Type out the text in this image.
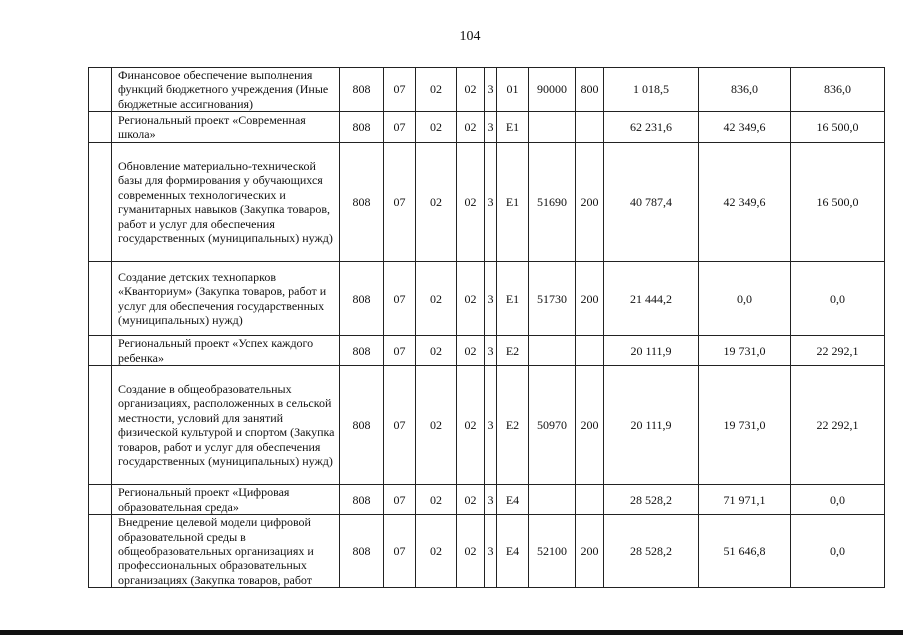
104
	Финансовое обеспечение выполнения функций бюджетного учреждения (Иные бюджетные ассигнования)	808	07	02	02	3	01	90000	800	1 018,5	836,0	836,0
	Региональный проект «Современная школа»	808	07	02	02	3	E1			62 231,6	42 349,6	16 500,0
	Обновление материально-технической базы для формирования у обучающихся современных технологических и гуманитарных навыков (Закупка товаров, работ и услуг для обеспечения государственных (муниципальных) нужд)	808	07	02	02	3	E1	51690	200	40 787,4	42 349,6	16 500,0
	Создание детских технопарков «Кванториум» (Закупка товаров, работ и услуг для обеспечения государственных (муниципальных) нужд)	808	07	02	02	3	E1	51730	200	21 444,2	0,0	0,0
	Региональный проект «Успех каждого ребенка»	808	07	02	02	3	E2			20 111,9	19 731,0	22 292,1
	Создание в общеобразовательных организациях, расположенных в сельской местности, условий для занятий физической культурой и спортом (Закупка товаров, работ и услуг для обеспечения государственных (муниципальных) нужд)	808	07	02	02	3	E2	50970	200	20 111,9	19 731,0	22 292,1
	Региональный проект «Цифровая образовательная среда»	808	07	02	02	3	E4			28 528,2	71 971,1	0,0
	Внедрение целевой модели цифровой образовательной среды в общеобразовательных организациях и профессиональных образовательных организациях (Закупка товаров, работ	808	07	02	02	3	E4	52100	200	28 528,2	51 646,8	0,0
